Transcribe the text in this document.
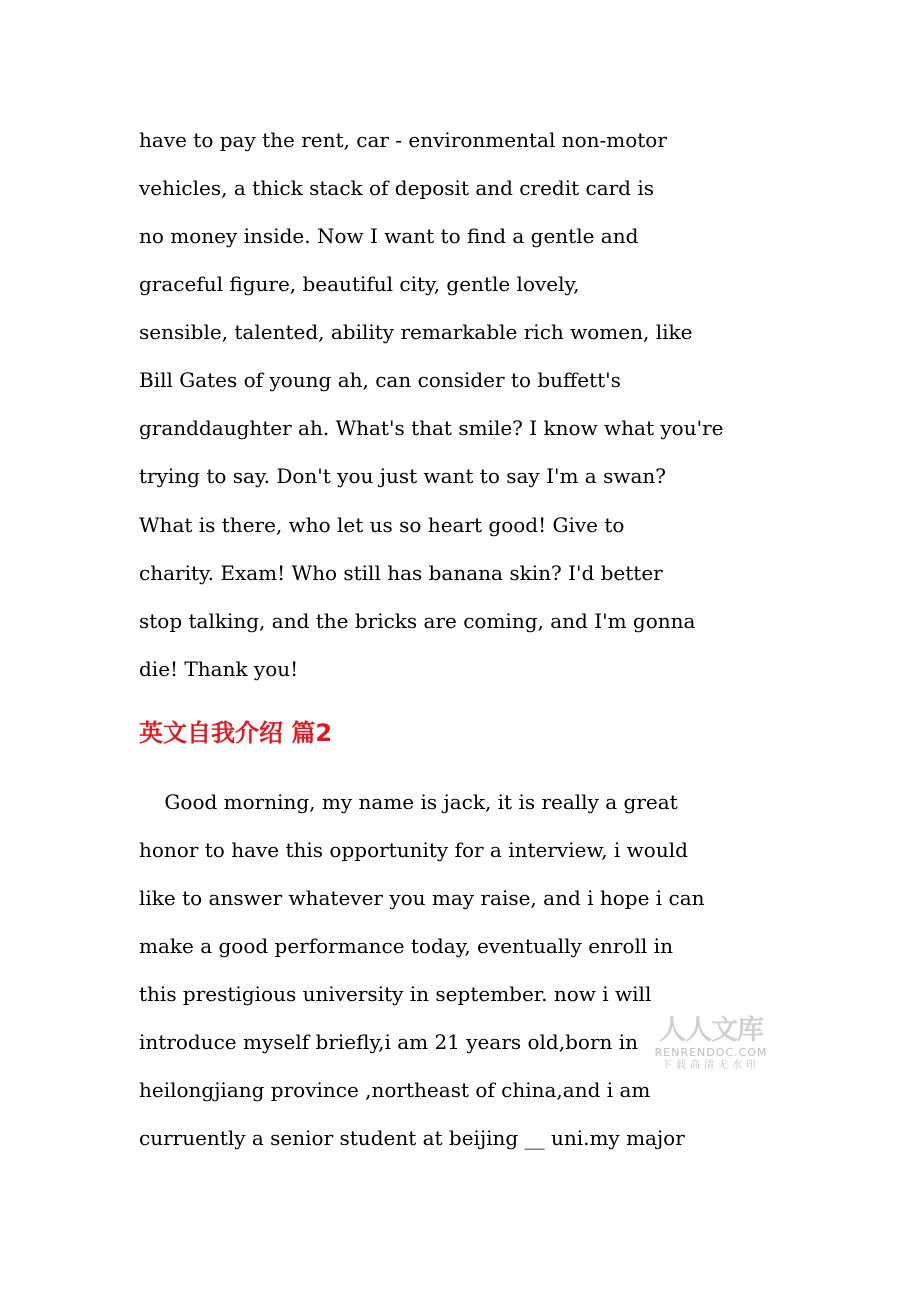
have to pay the rent, car - environmental non-motor
vehicles, a thick stack of deposit and credit card is
no money inside. Now I want to find a gentle and
graceful figure, beautiful city, gentle lovely,
sensible, talented, ability remarkable rich women, like
Bill Gates of young ah, can consider to buffett's
granddaughter ah. What's that smile? I know what you're
trying to say. Don't you just want to say I'm a swan?
What is there, who let us so heart good! Give to
charity. Exam! Who still has banana skin? I'd better
stop talking, and the bricks are coming, and I'm gonna
die! Thank you!
英文自我介绍 篇2
Good morning, my name is jack, it is really a great
honor to have this opportunity for a interview, i would
like to answer whatever you may raise, and i hope i can
make a good performance today, eventually enroll in
this prestigious university in september. now i will
introduce myself briefly,i am 21 years old,born in
heilongjiang province ,northeast of china,and i am
curruently a senior student at beijing __ uni.my major
人人文库
RENRENDOC.COM
下载高清无水印
